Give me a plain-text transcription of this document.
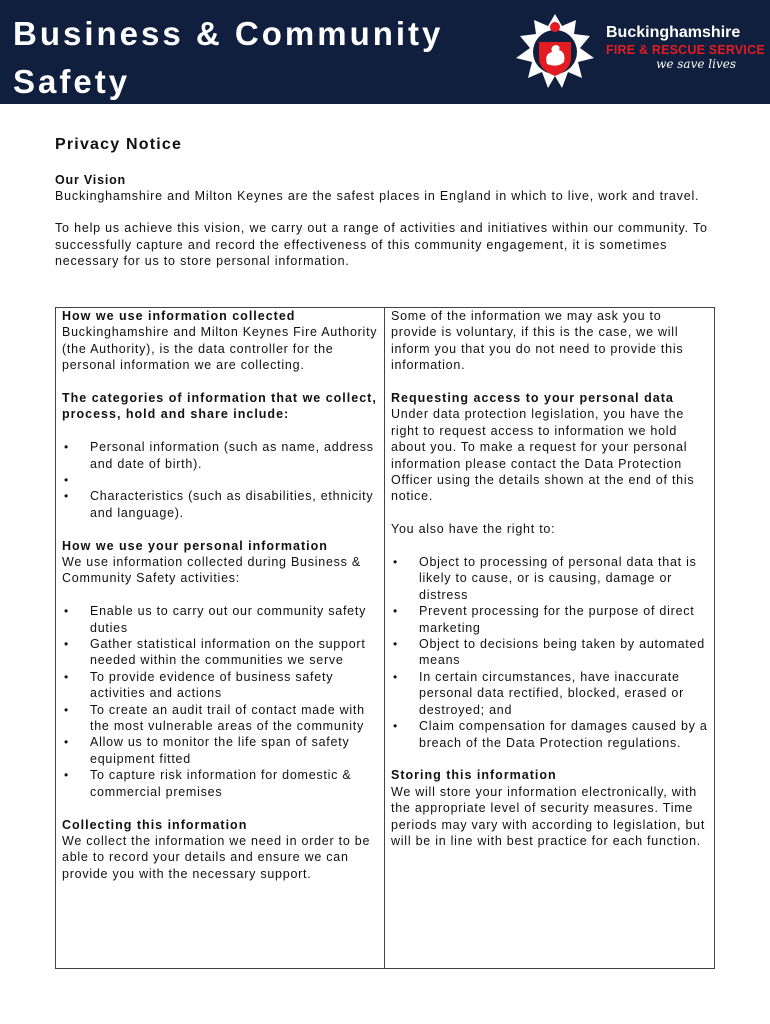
Business & Community
Safety
Buckinghamshire
FIRE & RESCUE SERVICE
we save lives
Privacy Notice
Our Vision

Buckinghamshire and Milton Keynes are the safest places in England in which to live, work and travel.

To help us achieve this vision, we carry out a range of activities and initiatives within our community. To successfully capture and record the effectiveness of this community engagement, it is sometimes necessary for us to store personal information.

How we use information collected

Buckinghamshire and Milton Keynes Fire Authority (the Authority), is the data controller for the personal information we are collecting.

The categories of information that we collect, process, hold and share include:

• Personal information (such as name, address and date of birth).
•
• Characteristics (such as disabilities, ethnicity and language).

How we use your personal information

We use information collected during Business & Community Safety activities:

• Enable us to carry out our community safety duties
• Gather statistical information on the support needed within the communities we serve
• To provide evidence of business safety activities and actions
• To create an audit trail of contact made with the most vulnerable areas of the community
• Allow us to monitor the life span of safety equipment fitted
• To capture risk information for domestic & commercial premises

Collecting this information

We collect the information we need in order to be able to record your details and ensure we can provide you with the necessary support.

Some of the information we may ask you to provide is voluntary, if this is the case, we will inform you that you do not need to provide this information.

Requesting access to your personal data

Under data protection legislation, you have the right to request access to information we hold about you. To make a request for your personal information please contact the Data Protection Officer using the details shown at the end of this notice.

You also have the right to:

• Object to processing of personal data that is likely to cause, or is causing, damage or distress
• Prevent processing for the purpose of direct marketing
• Object to decisions being taken by automated means
• In certain circumstances, have inaccurate personal data rectified, blocked, erased or destroyed; and
• Claim compensation for damages caused by a breach of the Data Protection regulations.

Storing this information

We will store your information electronically, with the appropriate level of security measures. Time periods may vary with according to legislation, but will be in line with best practice for each function.
